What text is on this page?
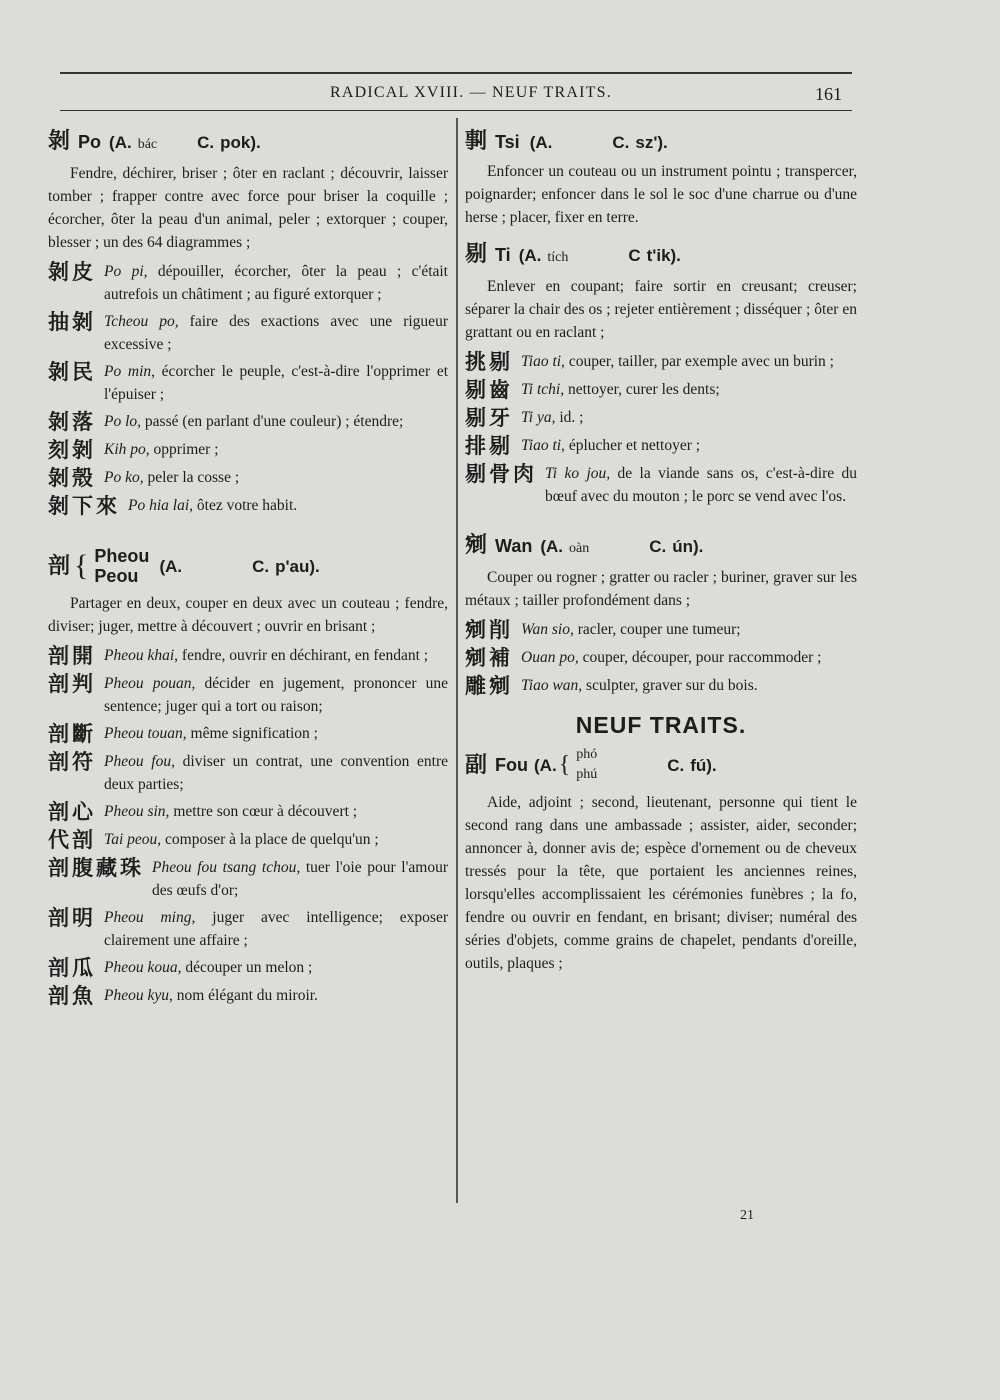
RADICAL XVIII. — NEUF TRAITS.	161
剝 Po (A. bác C. pok).

Fendre, déchirer, briser ; ôter en raclant ; découvrir, laisser tomber ; frapper contre avec force pour briser la coquille ; écorcher, ôter la peau d'un animal, peler ; extorquer ; couper, blesser ; un des 64 diagrammes ;

剝皮 Po pi, dépouiller, écorcher, ôter la peau ; c'était autrefois un châtiment ; au figuré extorquer ;
抽剝 Tcheou po, faire des exactions avec une rigueur excessive ;
剝民 Po min, écorcher le peuple, c'est-à-dire l'opprimer et l'épuiser ;
剝落 Po lo, passé (en parlant d'une couleur) ; étendre;
刻剝 Kih po, opprimer ;
剝殼 Po ko, peler la cosse ;
剝下來 Po hia lai, ôtez votre habit.
剖 { Pheou
Peou	(A.	C. p'au).

Partager en deux, couper en deux avec un couteau ; fendre, diviser; juger, mettre à découvert ; ouvrir en brisant ;

剖開 Pheou khai, fendre, ouvrir en déchirant, en fendant ;
剖判 Pheou pouan, décider en jugement, prononcer une sentence; juger qui a tort ou raison;
剖斷 Pheou touan, même signification ;
剖符 Pheou fou, diviser un contrat, une convention entre deux parties;
剖心 Pheou sin, mettre son cœur à découvert ;
代剖 Tai peou, composer à la place de quelqu'un ;
剖腹藏珠 Pheou fou tsang tchou, tuer l'oie pour l'amour des œufs d'or;
剖明 Pheou ming, juger avec intelligence; exposer clairement une affaire ;
剖瓜 Pheou koua, découper un melon ;
剖魚 Pheou kyu, nom élégant du miroir.
剚 Tsi (A.	C. sz').

Enfoncer un couteau ou un instrument pointu ; transpercer, poignarder; enfoncer dans le sol le soc d'une charrue ou d'une herse ; placer, fixer en terre.

剔 Ti (A. tích	C t'ik).

Enlever en coupant; faire sortir en creusant; creuser; séparer la chair des os ; rejeter entièrement ; disséquer ; ôter en grattant ou en raclant ;

挑剔 Tiao ti, couper, tailler, par exemple avec un burin ;
剔齒 Ti tchi, nettoyer, curer les dents;
剔牙 Ti ya, id. ;
排剔 Tiao ti, éplucher et nettoyer ;
剔骨肉 Ti ko jou, de la viande sans os, c'est-à-dire du bœuf avec du mouton ; le porc se vend avec l'os.
剜 Wan (A. oàn	C. ún).

Couper ou rogner ; gratter ou racler ; buriner, graver sur les métaux ; tailler profondément dans ;

剜削 Wan sio, racler, couper une tumeur;
剜補 Ouan po, couper, découper, pour raccommoder ;
雕剜 Tiao wan, sculpter, graver sur du bois.
NEUF TRAITS.
副 Fou (A. { phó
phú	C. fú).

Aide, adjoint ; second, lieutenant, personne qui tient le second rang dans une ambassade ; assister, aider, seconder; annoncer à, donner avis de; espèce d'ornement ou de cheveux tressés pour la tête, que portaient les anciennes reines, lorsqu'elles accomplissaient les cérémonies funèbres ; la fo, fendre ou ouvrir en fendant, en brisant; diviser; numéral des séries d'objets, comme grains de chapelet, pendants d'oreille, outils, plaques ;

21
